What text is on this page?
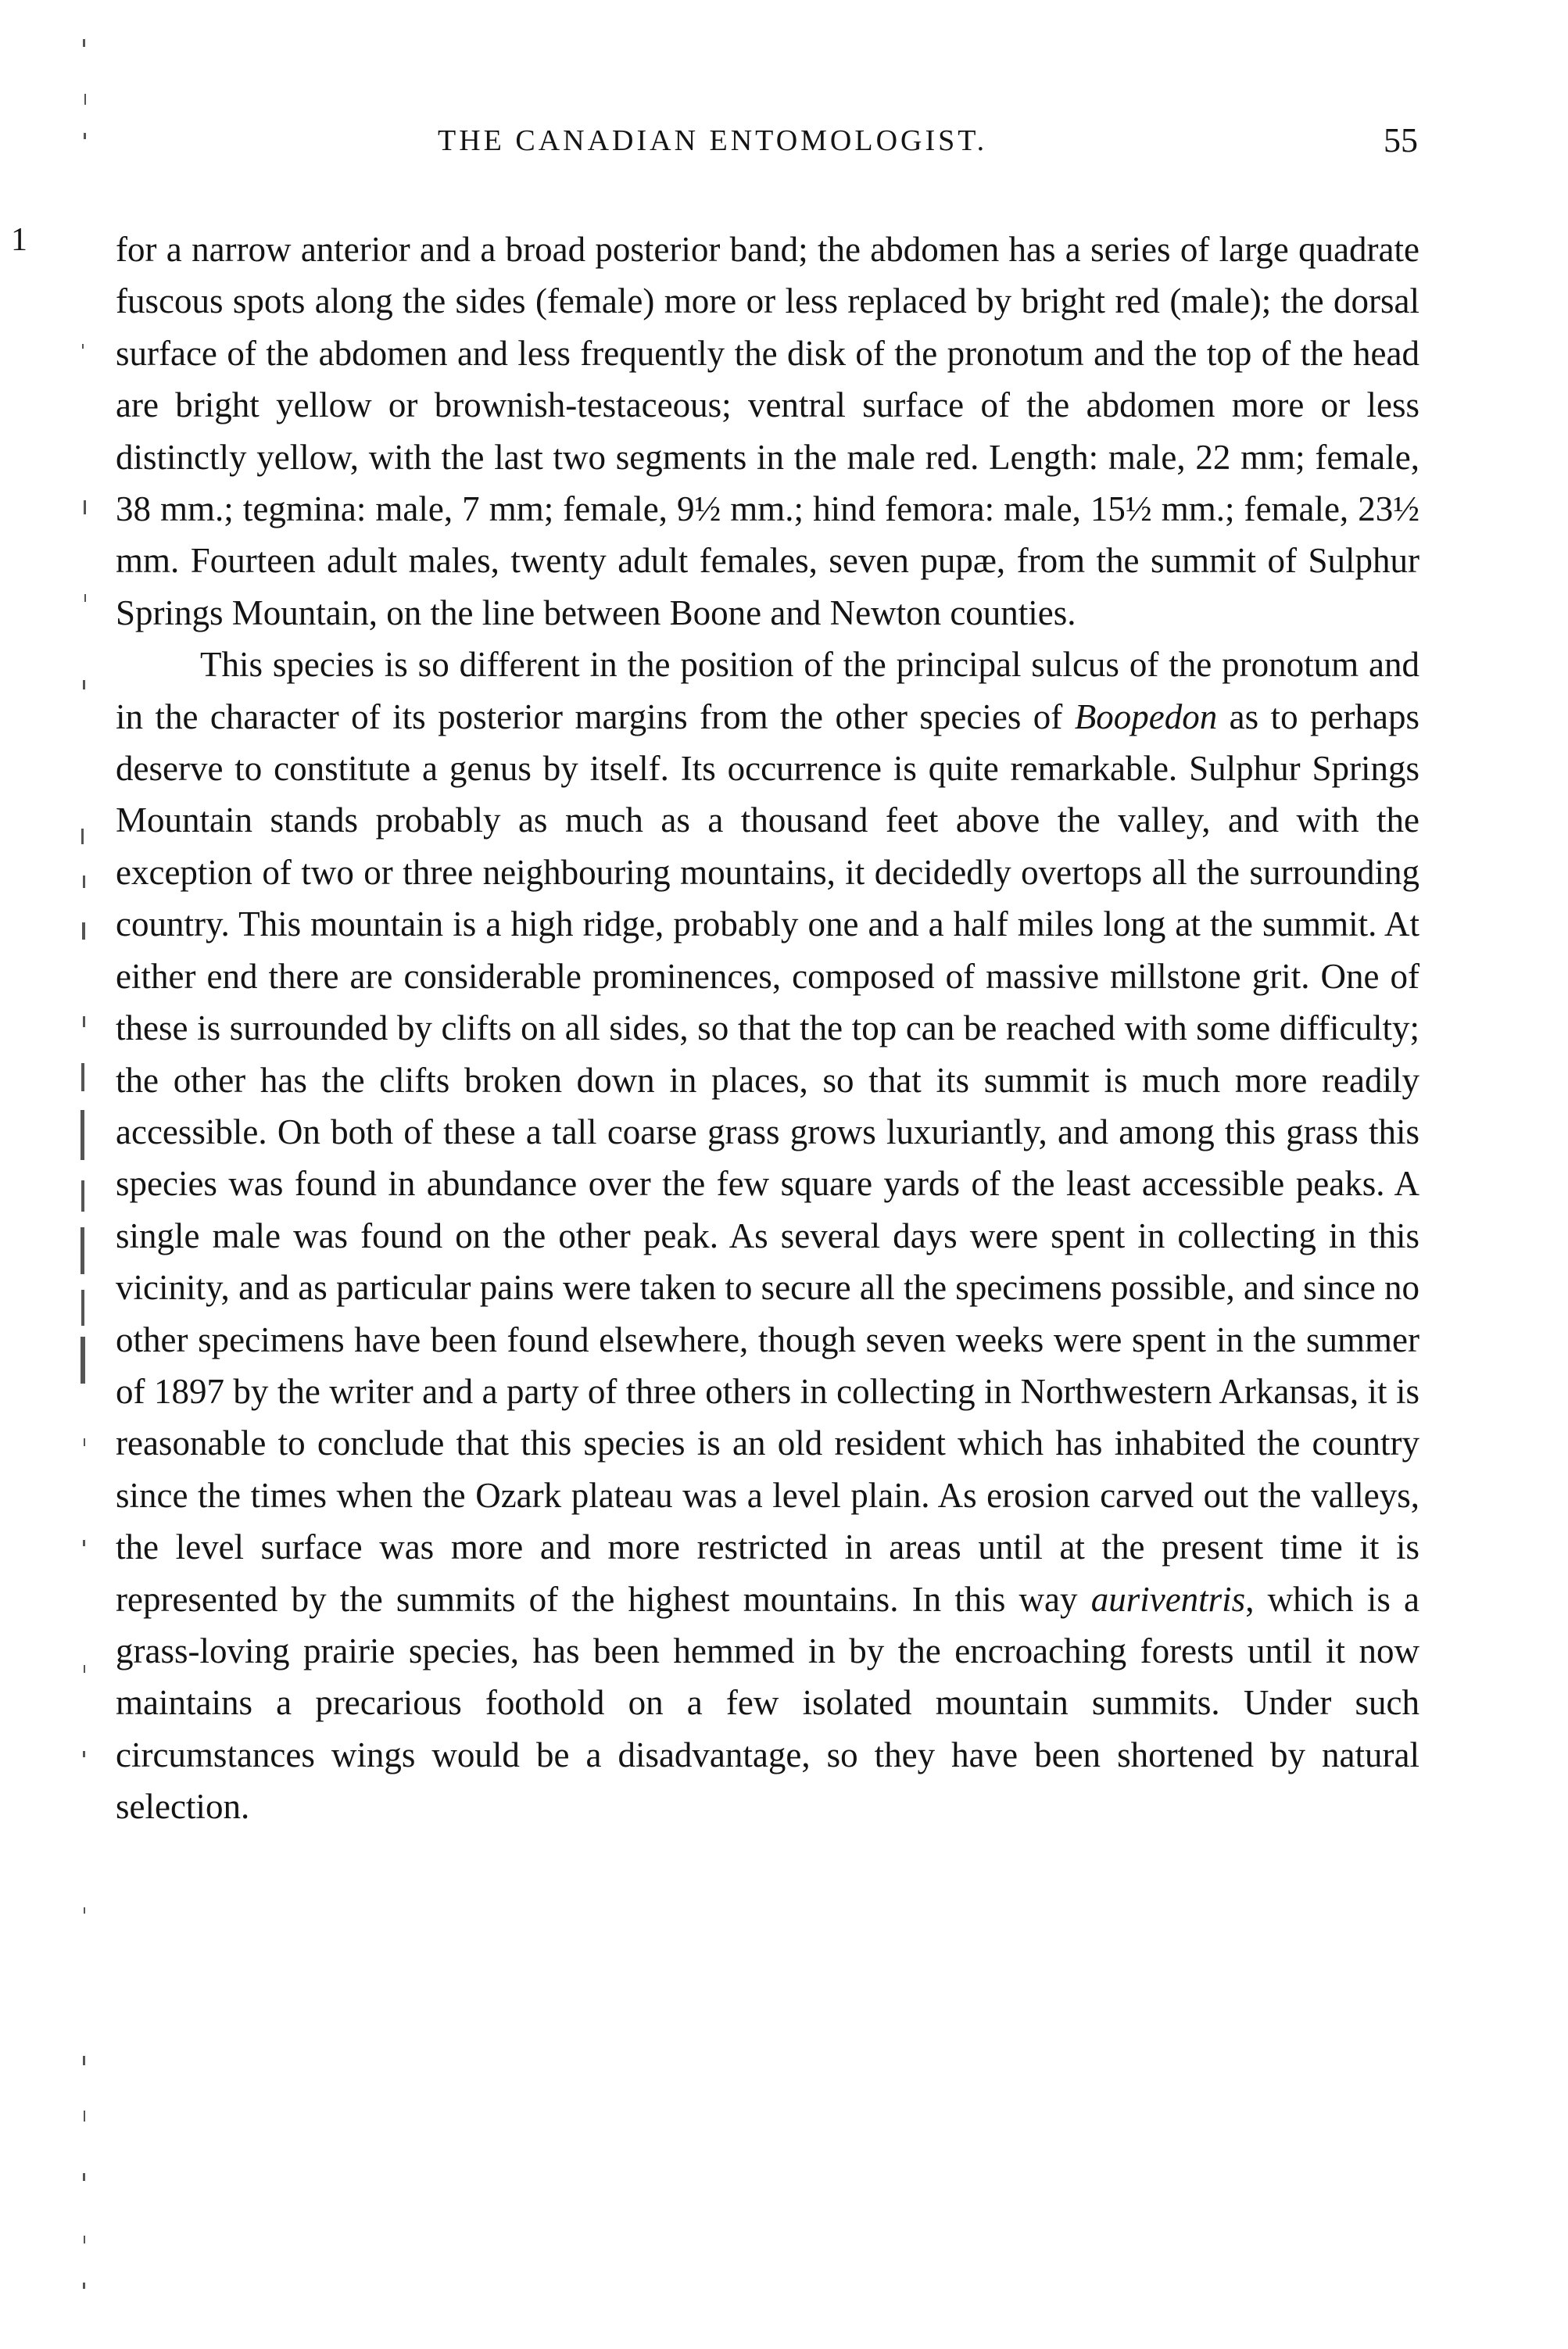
THE CANADIAN ENTOMOLOGIST.	55
1	for a narrow anterior and a broad posterior band; the abdomen has a series of large quadrate fuscous spots along the sides (female) more or less replaced by bright red (male); the dorsal surface of the abdomen and less frequently the disk of the pronotum and the top of the head are bright yellow or brownish-testaceous; ventral surface of the abdomen more or less distinctly yellow, with the last two segments in the male red. Length: male, 22 mm; female, 38 mm.; tegmina: male, 7 mm; female, 9½ mm.; hind femora: male, 15½ mm.; female, 23½ mm. Fourteen adult males, twenty adult females, seven pupæ, from the summit of Sulphur Springs Mountain, on the line between Boone and Newton counties.

This species is so different in the position of the principal sulcus of the pronotum and in the character of its posterior margins from the other species of Boopedon as to perhaps deserve to constitute a genus by itself. Its occurrence is quite remarkable. Sulphur Springs Mountain stands probably as much as a thousand feet above the valley, and with the exception of two or three neighbouring mountains, it decidedly overtops all the surrounding country. This mountain is a high ridge, probably one and a half miles long at the summit. At either end there are considerable prominences, composed of massive millstone grit. One of these is surrounded by clifts on all sides, so that the top can be reached with some difficulty; the other has the clifts broken down in places, so that its summit is much more readily accessible. On both of these a tall coarse grass grows luxuriantly, and among this grass this species was found in abundance over the few square yards of the least accessible peaks. A single male was found on the other peak. As several days were spent in collecting in this vicinity, and as particular pains were taken to secure all the specimens possible, and since no other specimens have been found elsewhere, though seven weeks were spent in the summer of 1897 by the writer and a party of three others in collecting in Northwestern Arkansas, it is reasonable to conclude that this species is an old resident which has inhabited the country since the times when the Ozark plateau was a level plain. As erosion carved out the valleys, the level surface was more and more restricted in areas until at the present time it is represented by the summits of the highest mountains. In this way auriventris, which is a grass-loving prairie species, has been hemmed in by the encroaching forests until it now maintains a precarious foothold on a few isolated mountain summits. Under such circumstances wings would be a disadvantage, so they have been shortened by natural selection.
